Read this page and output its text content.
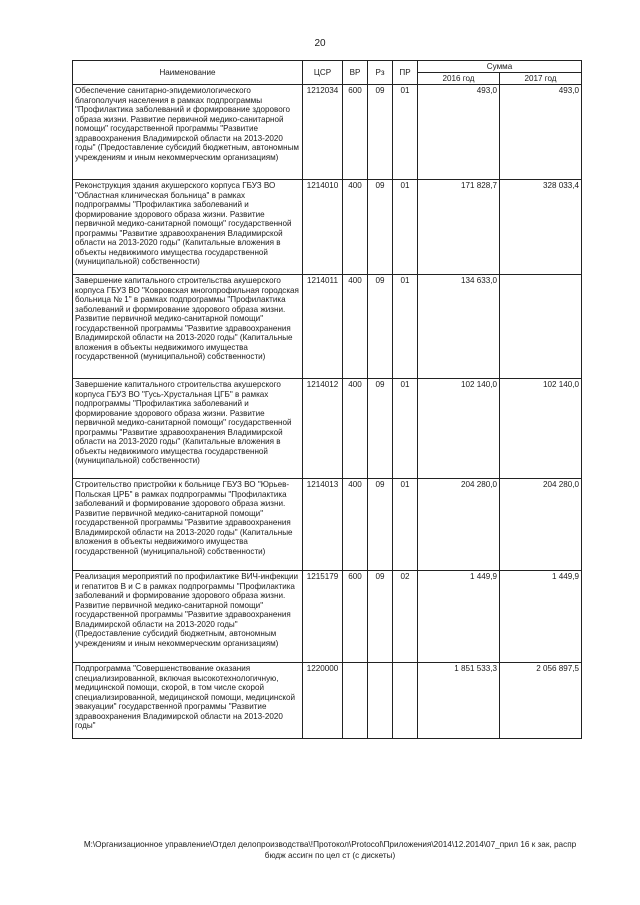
20
Наименование	ЦСР	ВР	Рз	ПР	Сумма	
					2016 год	2017 год
Обеспечение санитарно-эпидемиологического благополучия населения в рамках подпрограммы "Профилактика заболеваний и формирование здорового образа жизни. Развитие первичной медико-санитарной помощи" государственной программы "Развитие здравоохранения Владимирской области на 2013-2020 годы" (Предоставление субсидий бюджетным, автономным учреждениям и иным некоммерческим организациям)	1212034	600	09	01	493,0	493,0
Реконструкция здания акушерского корпуса ГБУЗ ВО "Областная клиническая больница" в рамках подпрограммы "Профилактика заболеваний и формирование здорового образа жизни. Развитие первичной медико-санитарной помощи" государственной программы "Развитие здравоохранения Владимирской области на 2013-2020 годы" (Капитальные вложения в объекты недвижимого имущества государственной (муниципальной) собственности)	1214010	400	09	01	171 828,7	328 033,4
Завершение капитального строительства акушерского корпуса ГБУЗ ВО "Ковровская многопрофильная городская больница № 1" в рамках подпрограммы "Профилактика заболеваний и формирование здорового образа жизни. Развитие первичной медико-санитарной помощи" государственной программы "Развитие здравоохранения Владимирской области на 2013-2020 годы" (Капитальные вложения в объекты недвижимого имущества государственной (муниципальной) собственности)	1214011	400	09	01	134 633,0	
Завершение капитального строительства акушерского корпуса ГБУЗ ВО "Гусь-Хрустальная ЦГБ" в рамках подпрограммы "Профилактика заболеваний и формирование здорового образа жизни. Развитие первичной медико-санитарной помощи" государственной программы "Развитие здравоохранения Владимирской области на 2013-2020 годы" (Капитальные вложения в объекты недвижимого имущества государственной (муниципальной) собственности)	1214012	400	09	01	102 140,0	102 140,0
Строительство пристройки к больнице ГБУЗ ВО "Юрьев-Польская ЦРБ" в рамках подпрограммы "Профилактика заболеваний и формирование здорового образа жизни. Развитие первичной медико-санитарной помощи" государственной программы "Развитие здравоохранения Владимирской области на 2013-2020 годы" (Капитальные вложения в объекты недвижимого имущества государственной (муниципальной) собственности)	1214013	400	09	01	204 280,0	204 280,0
Реализация мероприятий по профилактике ВИЧ-инфекции и гепатитов В и С в рамках подпрограммы "Профилактика заболеваний и формирование здорового образа жизни. Развитие первичной медико-санитарной помощи" государственной программы "Развитие здравоохранения Владимирской области на 2013-2020 годы" (Предоставление субсидий бюджетным, автономным учреждениям и иным некоммерческим организациям)	1215179	600	09	02	1 449,9	1 449,9
Подпрограмма "Совершенствование оказания специализированной, включая высокотехнологичную, медицинской помощи, скорой, в том числе скорой специализированной, медицинской помощи, медицинской эвакуации" государственной программы "Развитие здравоохранения Владимирской области на 2013-2020 годы"	1220000				1 851 533,3	2 056 897,5
M:\Организационное управление\Отдел делопроизводства\!Протокол\Protocol\Приложения\2014\12.2014\07_прил 16 к зак, распр
бюдж ассигн по цел ст (с дискеты)
